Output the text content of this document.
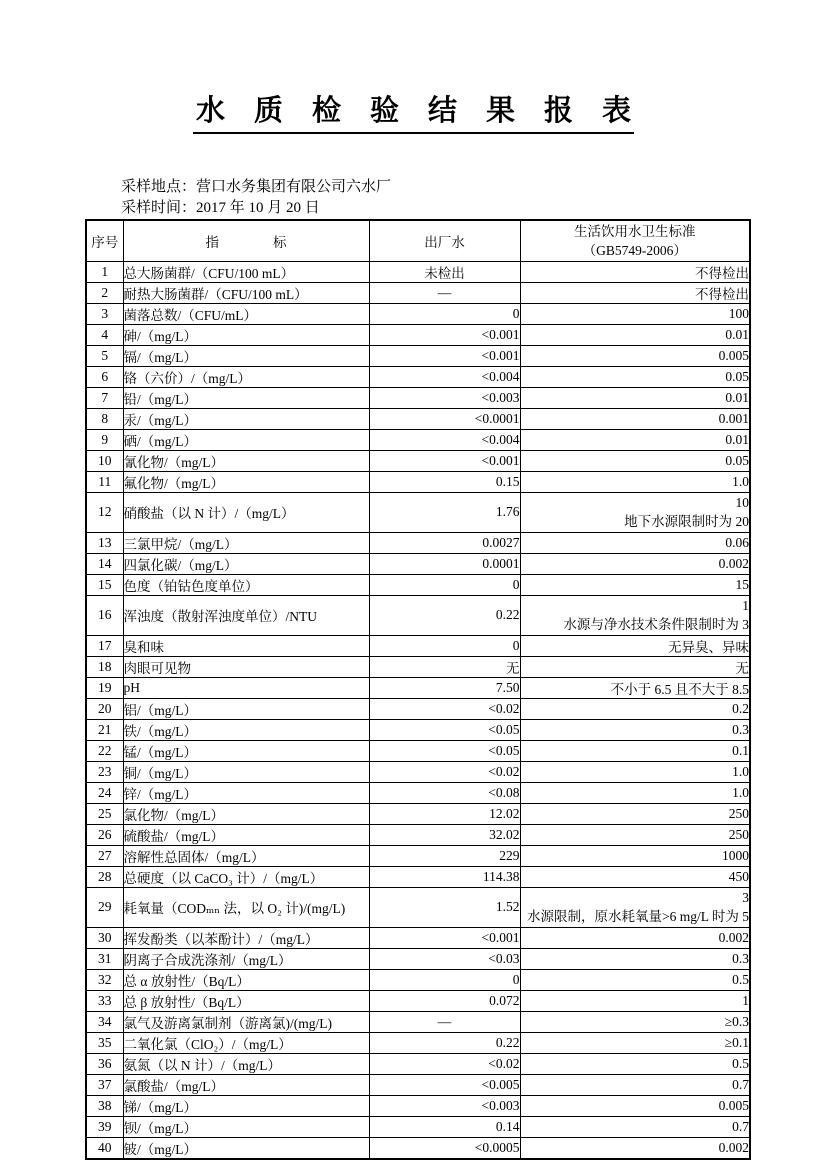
水　质　检　验　结　果　报　表
采样地点：营口水务集团有限公司六水厂
采样时间：2017 年 10 月 20 日
序号	指　　　　标	出厂水	生活饮用水卫生标准
（GB5749-2006）

1	总大肠菌群/（CFU/100 mL）	未检出	不得检出
2	耐热大肠菌群/（CFU/100 mL）	—	不得检出
3	菌落总数/（CFU/mL）	0	100
4	砷/（mg/L）	<0.001	0.01
5	镉/（mg/L）	<0.001	0.005
6	铬（六价）/（mg/L）	<0.004	0.05
7	铅/（mg/L）	<0.003	0.01
8	汞/（mg/L）	<0.0001	0.001
9	硒/（mg/L）	<0.004	0.01
10	氰化物/（mg/L）	<0.001	0.05
11	氟化物/（mg/L）	0.15	1.0
12	硝酸盐（以 N 计）/（mg/L）	1.76	10
地下水源限制时为 20

13	三氯甲烷/（mg/L）	0.0027	0.06
14	四氯化碳/（mg/L）	0.0001	0.002
15	色度（铂钴色度单位）	0	15
16	浑浊度（散射浑浊度单位）/NTU	0.22	1
水源与净水技术条件限制时为 3

17	臭和味	0	无异臭、异味
18	肉眼可见物	无	无
19	pH	7.50	不小于 6.5 且不大于 8.5
20	铝/（mg/L）	<0.02	0.2
21	铁/（mg/L）	<0.05	0.3
22	锰/（mg/L）	<0.05	0.1
23	铜/（mg/L）	<0.02	1.0
24	锌/（mg/L）	<0.08	1.0
25	氯化物/（mg/L）	12.02	250
26	硫酸盐/（mg/L）	32.02	250
27	溶解性总固体/（mg/L）	229	1000
28	总硬度（以 CaCO₃ 计）/（mg/L）	114.38	450
29	耗氧量（CODₘₙ 法，以 O₂ 计)/(mg/L)	1.52	3
水源限制，原水耗氧量>6 mg/L 时为 5

30	挥发酚类（以苯酚计）/（mg/L）	<0.001	0.002
31	阴离子合成洗涤剂/（mg/L）	<0.03	0.3
32	总 α 放射性/（Bq/L）	0	0.5
33	总 β 放射性/（Bq/L）	0.072	1
34	氯气及游离氯制剂（游离氯)/(mg/L)	—	≥0.3
35	二氧化氯（ClO₂）/（mg/L）	0.22	≥0.1
36	氨氮（以 N 计）/（mg/L）	<0.02	0.5
37	氯酸盐/（mg/L）	<0.005	0.7
38	锑/（mg/L）	<0.003	0.005
39	钡/（mg/L）	0.14	0.7
40	铍/（mg/L）	<0.0005	0.002
